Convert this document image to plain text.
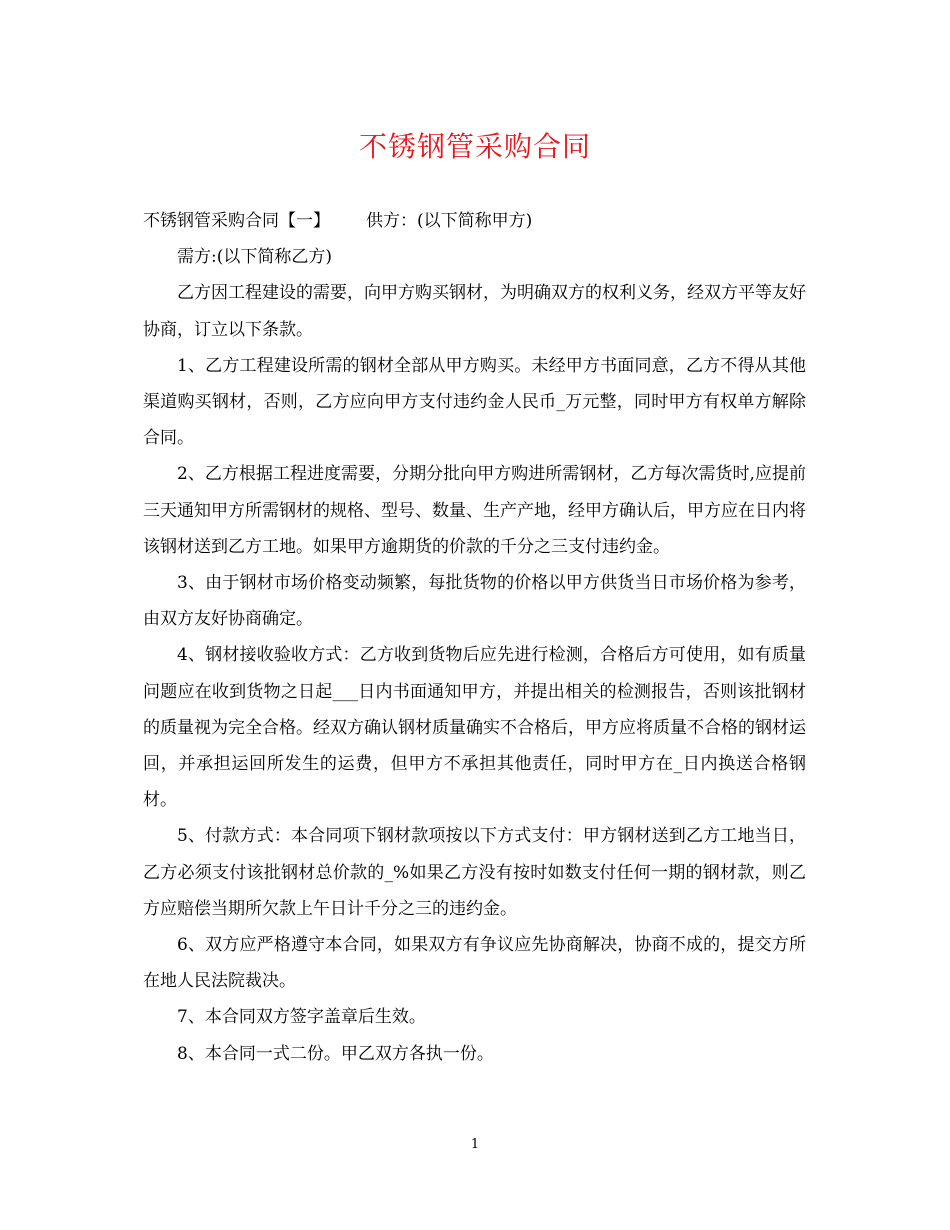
不锈钢管采购合同

不锈钢管采购合同【一】 供方：(以下简称甲方)

需方:(以下简称乙方)

乙方因工程建设的需要，向甲方购买钢材，为明确双方的权利义务，经双方平等友好协商，订立以下条款。

1、乙方工程建设所需的钢材全部从甲方购买。未经甲方书面同意，乙方不得从其他渠道购买钢材，否则，乙方应向甲方支付违约金人民币_万元整，同时甲方有权单方解除合同。

2、乙方根据工程进度需要，分期分批向甲方购进所需钢材，乙方每次需货时,应提前三天通知甲方所需钢材的规格、型号、数量、生产产地，经甲方确认后，甲方应在日内将该钢材送到乙方工地。如果甲方逾期货的价款的千分之三支付违约金。

3、由于钢材市场价格变动频繁，每批货物的价格以甲方供货当日市场价格为参考，由双方友好协商确定。

4、钢材接收验收方式：乙方收到货物后应先进行检测，合格后方可使用，如有质量问题应在收到货物之日起___日内书面通知甲方，并提出相关的检测报告，否则该批钢材的质量视为完全合格。经双方确认钢材质量确实不合格后，甲方应将质量不合格的钢材运回，并承担运回所发生的运费，但甲方不承担其他责任，同时甲方在_日内换送合格钢材。

5、付款方式：本合同项下钢材款项按以下方式支付：甲方钢材送到乙方工地当日，乙方必须支付该批钢材总价款的_%如果乙方没有按时如数支付任何一期的钢材款，则乙方应赔偿当期所欠款上午日计千分之三的违约金。

6、双方应严格遵守本合同，如果双方有争议应先协商解决，协商不成的，提交方所在地人民法院裁决。

7、本合同双方签字盖章后生效。

8、本合同一式二份。甲乙双方各执一份。

1
